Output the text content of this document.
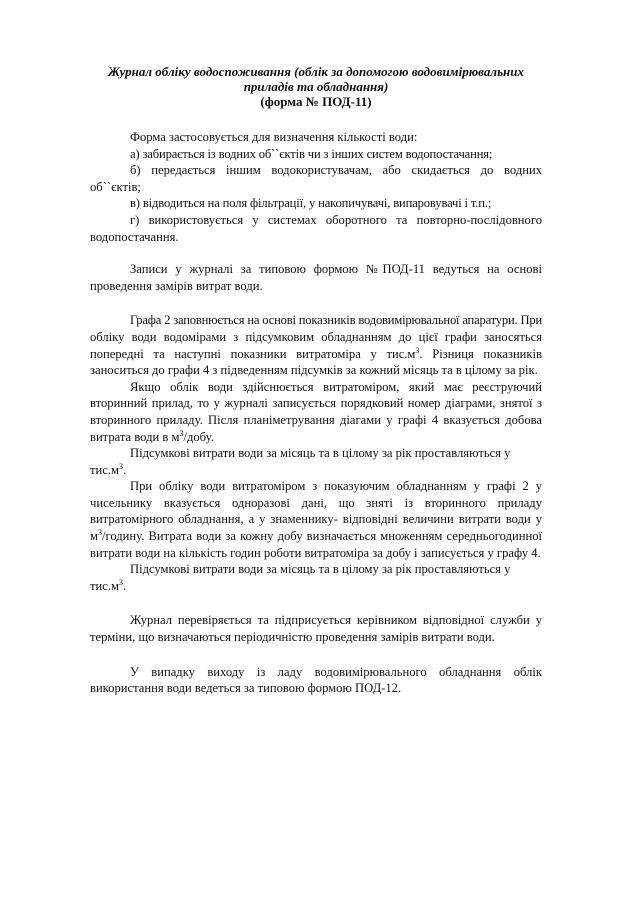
Журнал обліку водоспоживання (облік за допомогою водовимірювальних
приладів та обладнання)
(форма № ПОД-11)

Форма застосовується для визначення кількості води:

а) забирається із водних об``єктів чи з інших систем водопостачання;

б) передається іншим водокористувачам, або скидається до водних об``єктів;

в) відводиться на поля фільтрації, у накопичувачі, випаровувачі і т.п.;

г) використовується у системах оборотного та повторно-послідовного водопостачання.

Записи у журналі за типовою формою №ПОД-11 ведуться на основі проведення замірів витрат води.

Графа 2 заповнюється на основі показників водовимірювальної апаратури. При обліку води водомірами з підсумковим обладнанням до цієї графи заносяться попередні та наступні показники витратоміра у $тис.м^3$. Різниця показників заноситься до графи 4 з підведенням підсумків за кожний місяць та в цілому за рік.

Якщо облік води здійснюється витратоміром, який має реєструючий вторинний прилад, то у журналі записується порядковий номер діаграми, знятої з вторинного приладу. Після планіметрування діагами у графі 4 вказується добова витрата води в $м^3$/добу.

Підсумкові витрати води за місяць та в цілому за рік проставляються у $тис.м^3$.

При обліку води витратоміром з показуючим обладнанням у графі 2 у чисельнику вказується одноразові дані, що зняті із вторинного приладу витратомірного обладнання, а у знаменнику- відповідні величини витрати води у $м^3$/годину. Витрата води за кожну добу визначається множенням середньогодинної витрати води на кількість годин роботи витратоміра за добу і записується у графу 4.

Підсумкові витрати води за місяць та в цілому за рік проставляються у $тис.м^3$.

Журнал перевіряється та підприсується керівником відповідної служби у терміни, що визначаються періодичністю проведення замірів витрати води.

У випадку виходу із ладу водовимірювального обладнання облік використання води ведеться за типовою формою ПОД-12.
